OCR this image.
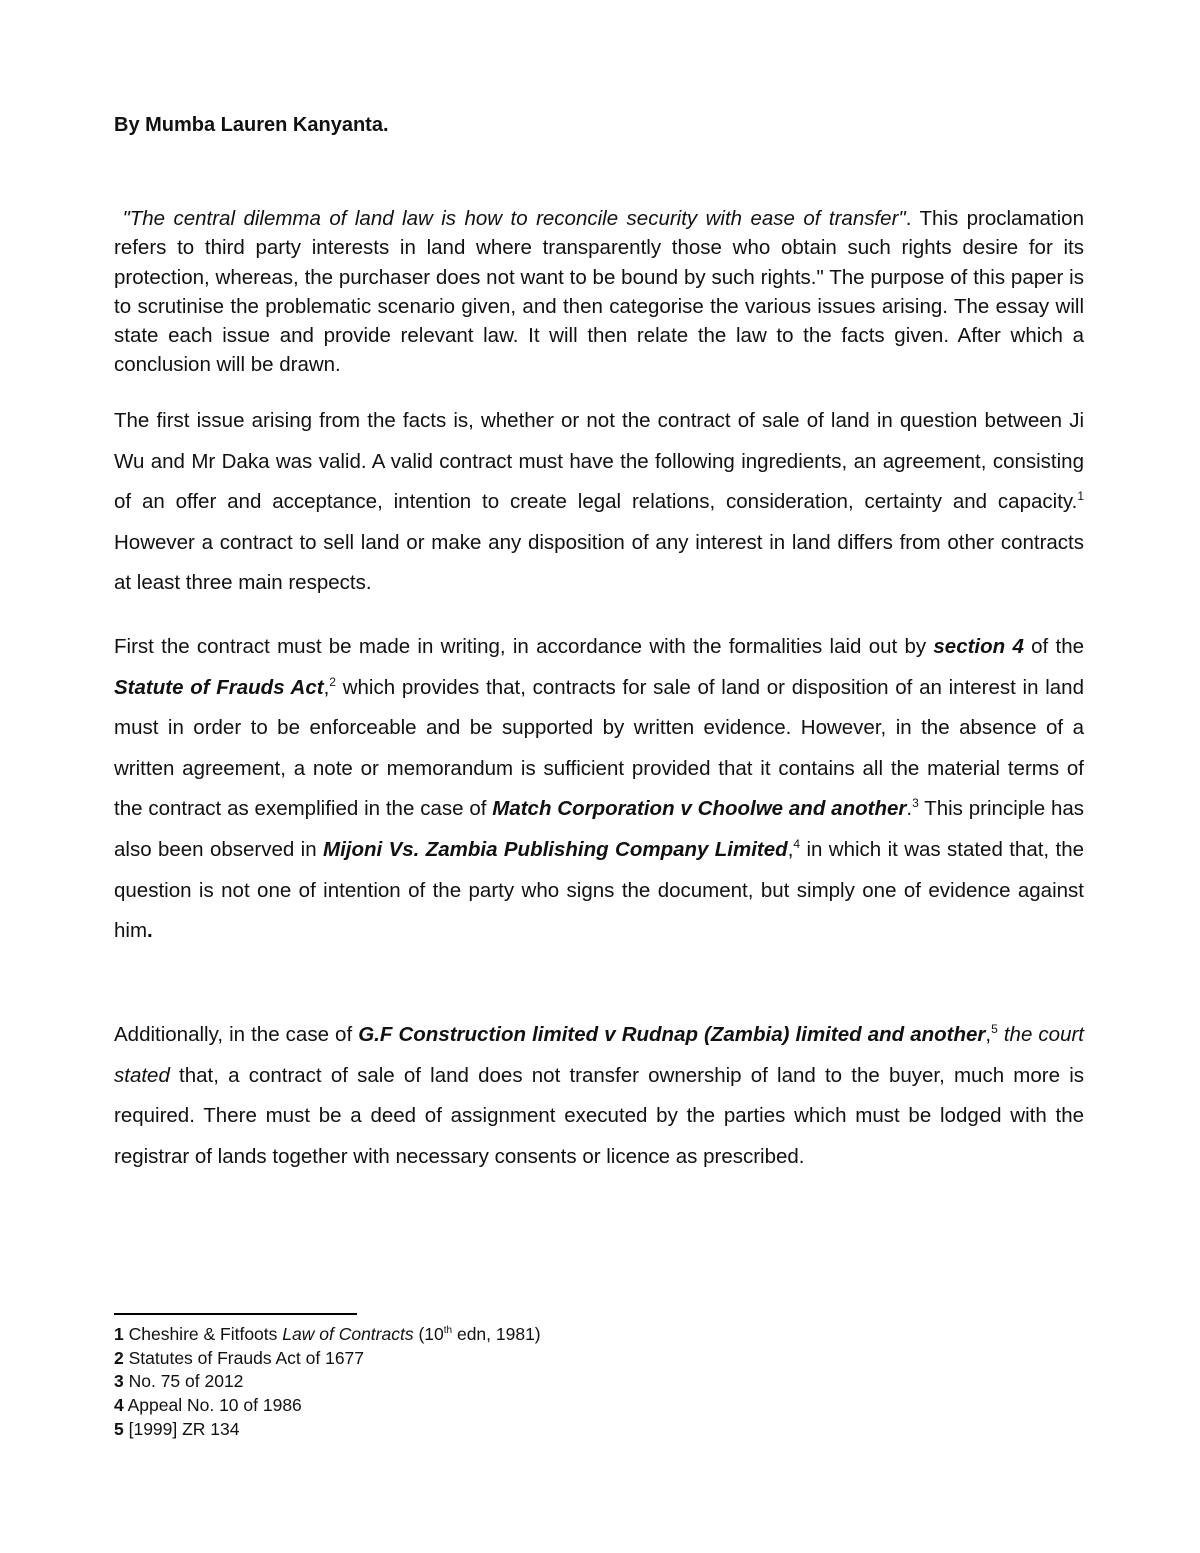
By Mumba Lauren Kanyanta.

"The central dilemma of land law is how to reconcile security with ease of transfer". This proclamation refers to third party interests in land where transparently those who obtain such rights desire for its protection, whereas, the purchaser does not want to be bound by such rights." The purpose of this paper is to scrutinise the problematic scenario given, and then categorise the various issues arising. The essay will state each issue and provide relevant law. It will then relate the law to the facts given. After which a conclusion will be drawn.

The first issue arising from the facts is, whether or not the contract of sale of land in question between Ji Wu and Mr Daka was valid. A valid contract must have the following ingredients, an agreement, consisting of an offer and acceptance, intention to create legal relations, consideration, certainty and capacity.$^1$ However a contract to sell land or make any disposition of any interest in land differs from other contracts at least three main respects.

First the contract must be made in writing, in accordance with the formalities laid out by section 4 of the Statute of Frauds Act,$^2$ which provides that, contracts for sale of land or disposition of an interest in land must in order to be enforceable and be supported by written evidence. However, in the absence of a written agreement, a note or memorandum is sufficient provided that it contains all the material terms of the contract as exemplified in the case of Match Corporation v Choolwe and another.$^3$ This principle has also been observed in Mijoni Vs. Zambia Publishing Company Limited,$^4$ in which it was stated that, the question is not one of intention of the party who signs the document, but simply one of evidence against him.

Additionally, in the case of G.F Construction limited v Rudnap (Zambia) limited and another,$^5$ the court stated that, a contract of sale of land does not transfer ownership of land to the buyer, much more is required. There must be a deed of assignment executed by the parties which must be lodged with the registrar of lands together with necessary consents or licence as prescribed.

1 Cheshire & Fitfoots Law of Contracts (10th edn, 1981)

2 Statutes of Frauds Act of 1677

3 No. 75 of 2012

4 Appeal No. 10 of 1986

5 [1999] ZR 134
